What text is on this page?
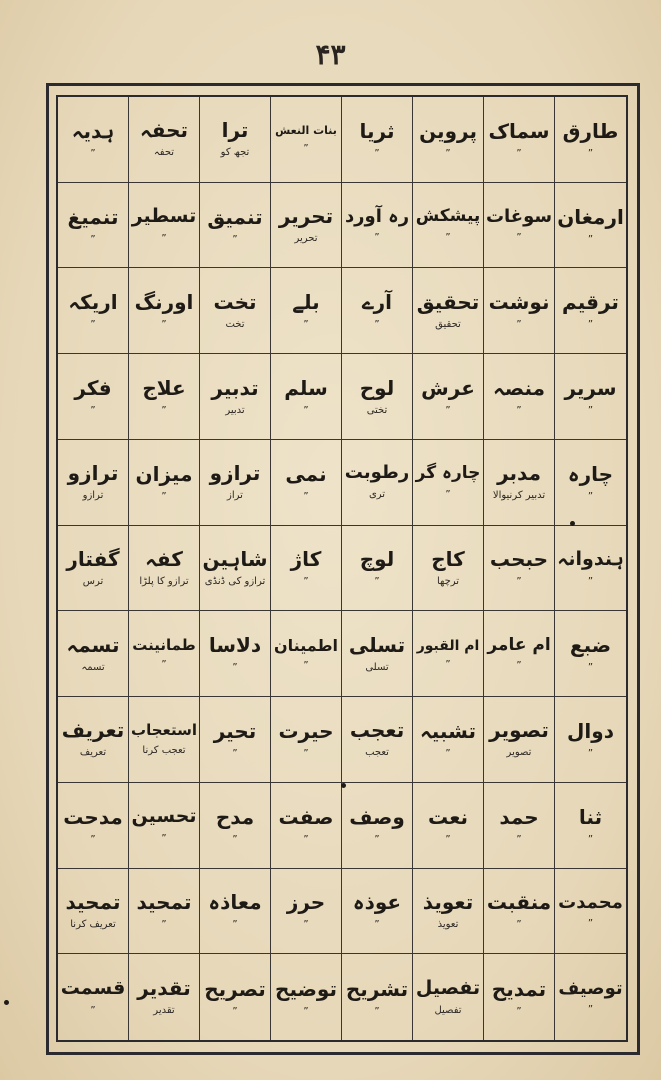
۴۳
ہدیہ
”
تحفہ
تحفہ
ترا
تجھ کو
بنات النعش
”
ثریا
”
پروین
”
سماک
”
طارق
”
تنمیغ
”
تسطیر
”
تنمیق
”
تحریر
تحریر
رہ آورد
”
پیشکش
”
سوغات
”
ارمغان
”
اریکہ
”
اورنگ
”
تخت
تخت
بلے
”
آرے
”
تحقیق
تحقیق
نوشت
”
ترقیم
”
فکر
”
علاج
”
تدبیر
تدبیر
سلم
”
لوح
تختی
عرش
”
منصہ
”
سریر
”
ترازو
ترازو
میزان
”
ترازو
تراز
نمی
”
رطوبت
تری
چارہ گر
”
مدبر
تدبیر کرنیوالا
چارہ
”
گفتار
ترس
کفہ
ترازو کا پلڑا
شاہین
ترازو کی ڈنڈی
کاژ
”
لوچ
”
کاج
ترچھا
حبحب
”
ہندوانہ
”
تسمہ
تسمہ
طمانینت
”
دلاسا
”
اطمینان
”
تسلی
تسلی
ام القبور
”
ام عامر
”
ضبع
”
تعریف
تعریف
استعجاب
تعجب کرنا
تحیر
”
حیرت
”
تعجب
تعجب
تشبیہ
”
تصویر
تصویر
دوال
”
مدحت
”
تحسین
”
مدح
”
صفت
”
وصف
”
نعت
”
حمد
”
ثنا
”
تمحید
تعریف کرنا
تمحید
”
معاذہ
”
حرز
”
عوذہ
”
تعویذ
تعویذ
منقبت
”
محمدت
”
قسمت
”
تقدیر
تقدیر
تصریح
”
توضیح
”
تشریح
”
تفصیل
تفصیل
تمدیح
”
توصیف
”
